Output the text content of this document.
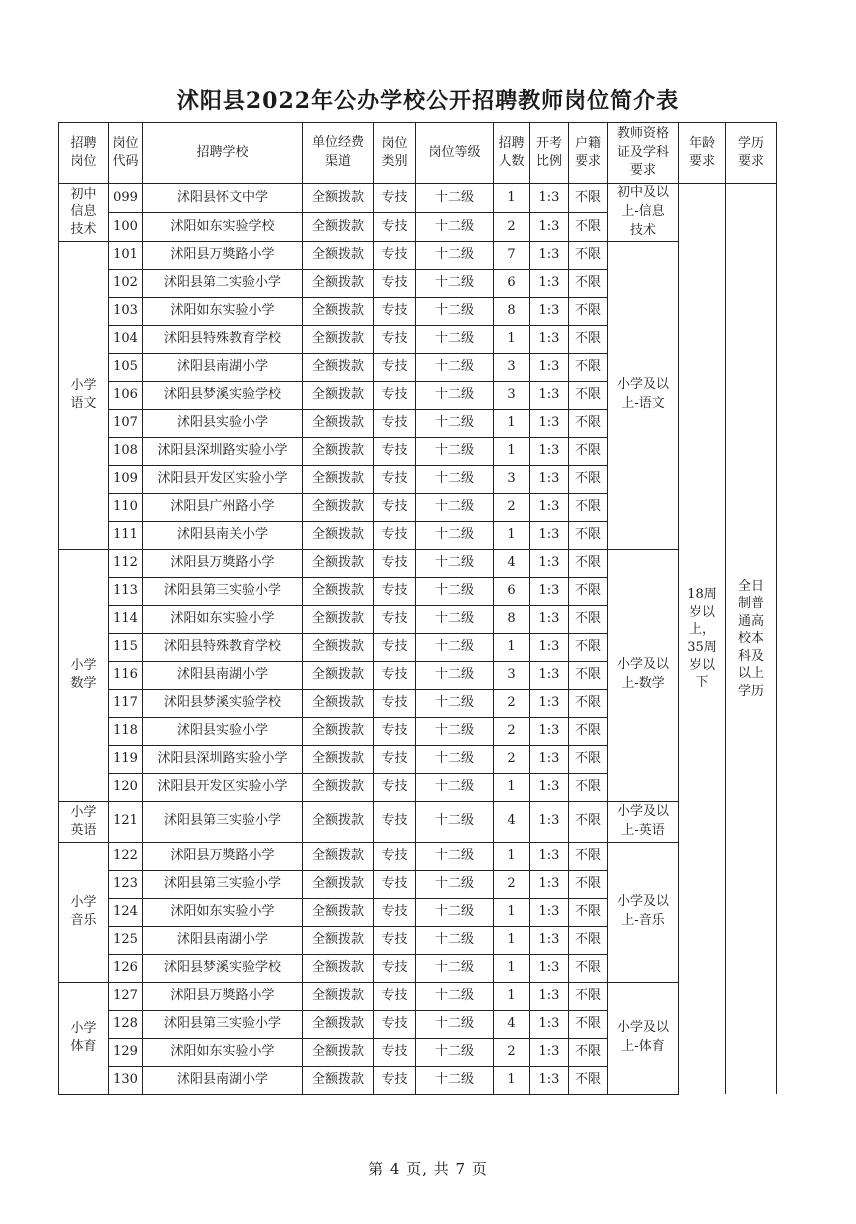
沭阳县2022年公办学校公开招聘教师岗位简介表
招聘岗位	岗位代码	招聘学校	单位经费渠道	岗位类别	岗位等级	招聘人数	开考比例	户籍要求	教师资格证及学科要求	年龄要求	学历要求
初中信息技术	099	沭阳县怀文中学	全额拨款	专技	十二级	1	1:3	不限	初中及以上-信息技术	18周岁以上，35周岁以下	全日制普通高校本科及以上学历
	100	沭阳如东实验学校	全额拨款	专技	十二级	2	1:3	不限			
小学语文	101	沭阳县万獎路小学	全额拨款	专技	十二级	7	1:3	不限	小学及以上-语文		
	102	沭阳县第二实验小学	全额拨款	专技	十二级	6	1:3	不限			
	103	沭阳如东实验小学	全额拨款	专技	十二级	8	1:3	不限			
	104	沭阳县特殊教育学校	全额拨款	专技	十二级	1	1:3	不限			
	105	沭阳县南湖小学	全额拨款	专技	十二级	3	1:3	不限			
	106	沭阳县梦溪实验学校	全额拨款	专技	十二级	3	1:3	不限			
	107	沭阳县实验小学	全额拨款	专技	十二级	1	1:3	不限			
	108	沭阳县深圳路实验小学	全额拨款	专技	十二级	1	1:3	不限			
	109	沭阳县开发区实验小学	全额拨款	专技	十二级	3	1:3	不限			
	110	沭阳县广州路小学	全额拨款	专技	十二级	2	1:3	不限			
	111	沭阳县南关小学	全额拨款	专技	十二级	1	1:3	不限			
小学数学	112	沭阳县万獎路小学	全额拨款	专技	十二级	4	1:3	不限	小学及以上-数学		
	113	沭阳县第三实验小学	全额拨款	专技	十二级	6	1:3	不限			
	114	沭阳如东实验小学	全额拨款	专技	十二级	8	1:3	不限			
	115	沭阳县特殊教育学校	全额拨款	专技	十二级	1	1:3	不限			
	116	沭阳县南湖小学	全额拨款	专技	十二级	3	1:3	不限			
	117	沭阳县梦溪实验学校	全额拨款	专技	十二级	2	1:3	不限			
	118	沭阳县实验小学	全额拨款	专技	十二级	2	1:3	不限			
	119	沭阳县深圳路实验小学	全额拨款	专技	十二级	2	1:3	不限			
	120	沭阳县开发区实验小学	全额拨款	专技	十二级	1	1:3	不限			
小学英语	121	沭阳县第三实验小学	全额拨款	专技	十二级	4	1:3	不限	小学及以上-英语		
小学音乐	122	沭阳县万獎路小学	全额拨款	专技	十二级	1	1:3	不限	小学及以上-音乐		
	123	沭阳县第三实验小学	全额拨款	专技	十二级	2	1:3	不限			
	124	沭阳如东实验小学	全额拨款	专技	十二级	1	1:3	不限			
	125	沭阳县南湖小学	全额拨款	专技	十二级	1	1:3	不限			
	126	沭阳县梦溪实验学校	全额拨款	专技	十二级	1	1:3	不限			
小学体育	127	沭阳县万獎路小学	全额拨款	专技	十二级	1	1:3	不限	小学及以上-体育		
	128	沭阳县第三实验小学	全额拨款	专技	十二级	4	1:3	不限			
	129	沭阳如东实验小学	全额拨款	专技	十二级	2	1:3	不限			
	130	沭阳县南湖小学	全额拨款	专技	十二级	1	1:3	不限			
第 4 页, 共 7 页
